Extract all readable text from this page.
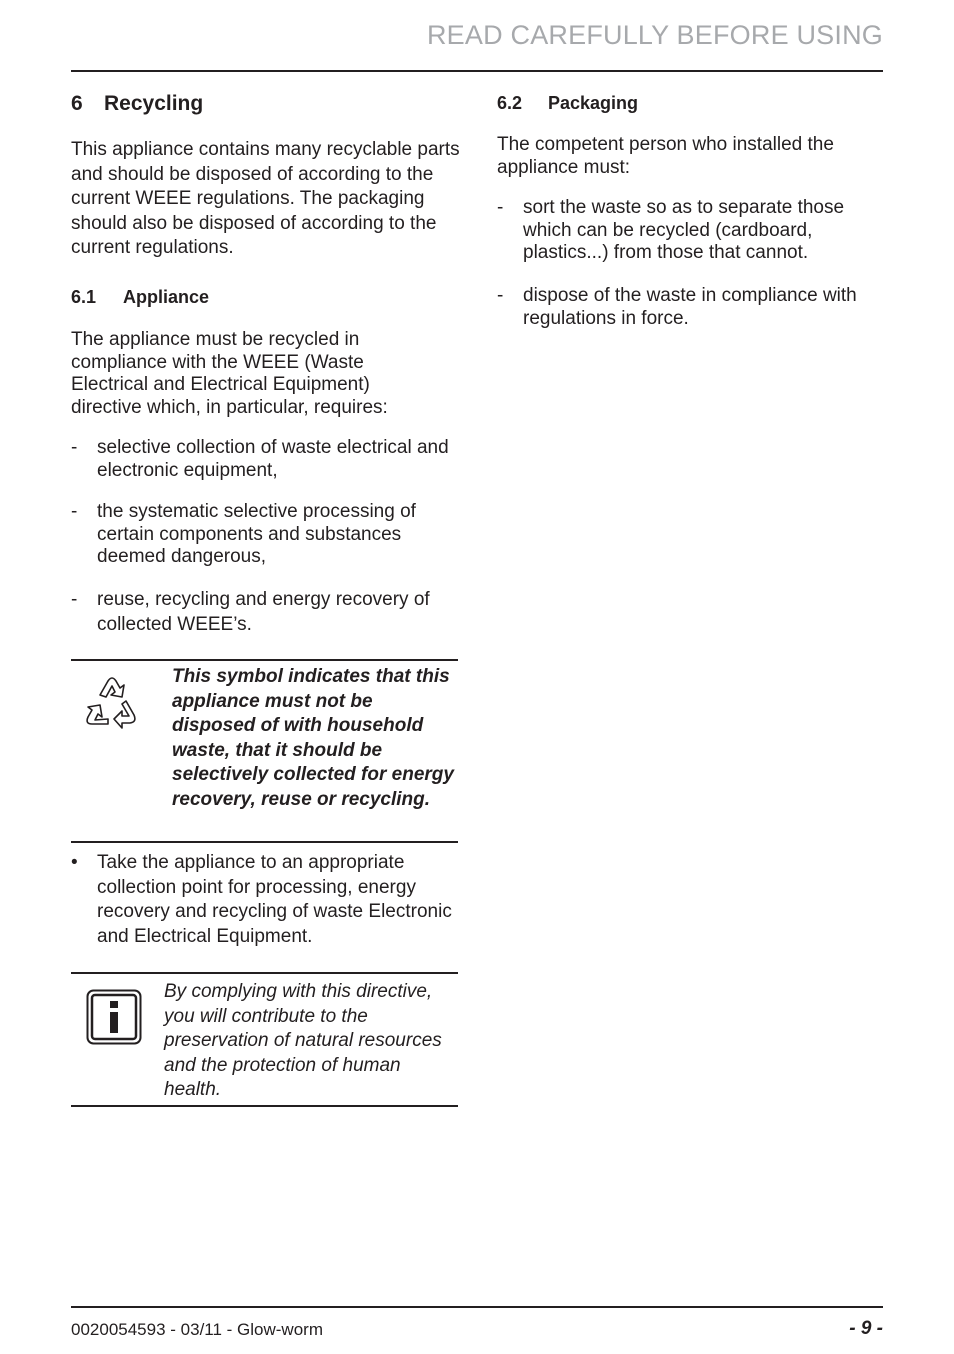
READ CAREFULLY BEFORE USING
6 Recycling
This appliance contains many recyclable parts and should be disposed of according to the current WEEE regulations. The packaging should also be disposed of according to the current regulations.
6.1 Appliance
The appliance must be recycled in compliance with the WEEE (Waste Electrical and Electrical Equipment) directive which, in particular, requires:
- selective collection of waste electrical and electronic equipment,
- the systematic selective processing of certain components and substances deemed dangerous,
- reuse, recycling and energy recovery of collected WEEE’s.
This symbol indicates that this appliance must not be disposed of with household waste, that it should be selectively collected for energy recovery, reuse or recycling.
• Take the appliance to an appropriate collection point for processing, energy recovery and recycling of waste Electronic and Electrical Equipment.
By complying with this directive, you will contribute to the preservation of natural resources and the protection of human health.
6.2 Packaging
The competent person who installed the appliance must:
- sort the waste so as to separate those which can be recycled (cardboard, plastics...) from those that cannot.
- dispose of the waste in compliance with regulations in force.
0020054593 - 03/11 - Glow-worm	- 9 -
